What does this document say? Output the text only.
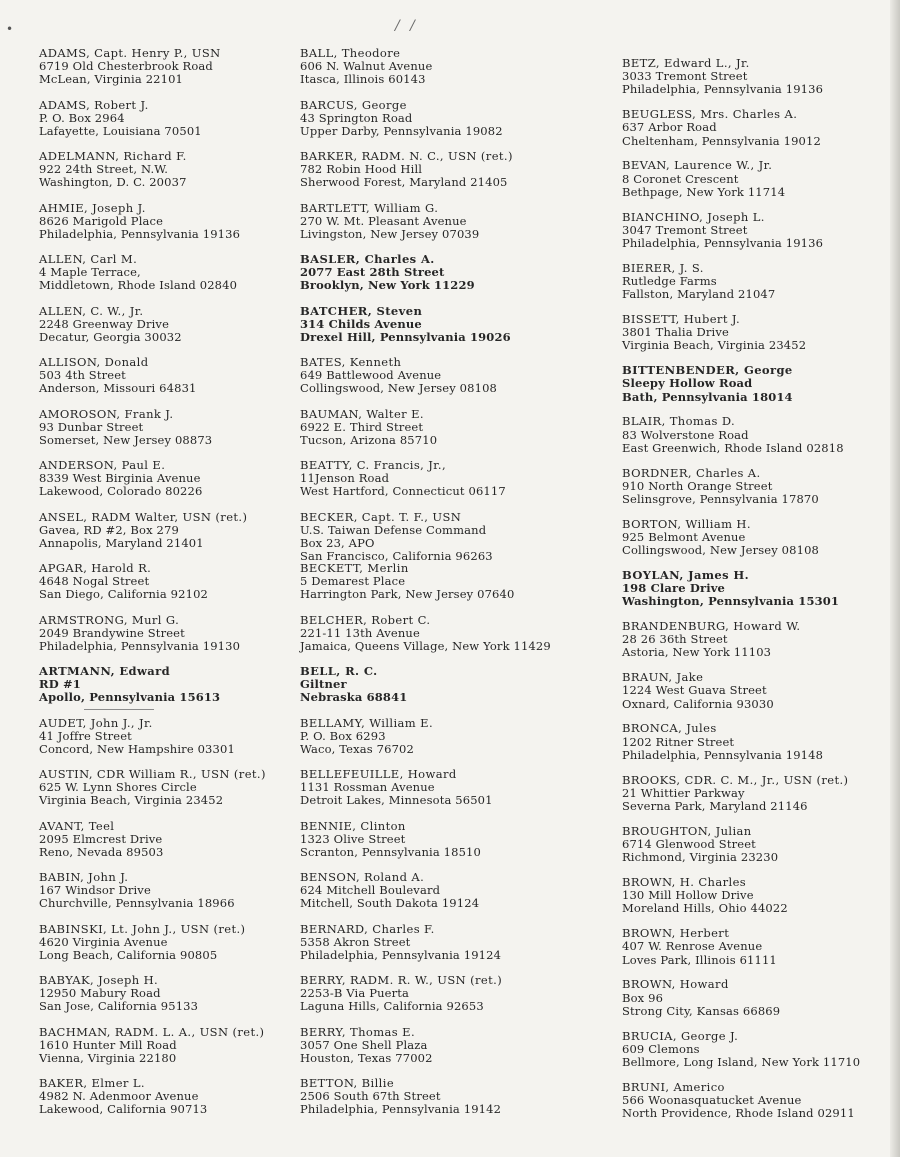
•	/ /
ADAMS, Capt. Henry P., USN
6719 Old Chesterbrook Road
McLean, Virginia 22101
ADAMS, Robert J.
P. O. Box 2964
Lafayette, Louisiana 70501
ADELMANN, Richard F.
922 24th Street, N.W.
Washington, D. C. 20037
AHMIE, Joseph J.
8626 Marigold Place
Philadelphia, Pennsylvania 19136
ALLEN, Carl M.
4 Maple Terrace,
Middletown, Rhode Island 02840
ALLEN, C. W., Jr.
2248 Greenway Drive
Decatur, Georgia 30032
ALLISON, Donald
503 4th Street
Anderson, Missouri 64831
AMOROSON, Frank J.
93 Dunbar Street
Somerset, New Jersey 08873
ANDERSON, Paul E.
8339 West Birginia Avenue
Lakewood, Colorado 80226
ANSEL, RADM Walter, USN (ret.)
Gavea, RD #2, Box 279
Annapolis, Maryland 21401
APGAR, Harold R.
4648 Nogal Street
San Diego, California 92102
ARMSTRONG, Murl G.
2049 Brandywine Street
Philadelphia, Pennsylvania 19130
ARTMANN, Edward
RD #1
Apollo, Pennsylvania 15613
AUDET, John J., Jr.
41 Joffre Street
Concord, New Hampshire 03301
AUSTIN, CDR William R., USN (ret.)
625 W. Lynn Shores Circle
Virginia Beach, Virginia 23452
AVANT, Teel
2095 Elmcrest Drive
Reno, Nevada 89503
BABIN, John J.
167 Windsor Drive
Churchville, Pennsylvania 18966
BABINSKI, Lt. John J., USN (ret.)
4620 Virginia Avenue
Long Beach, California 90805
BABYAK, Joseph H.
12950 Mabury Road
San Jose, California 95133
BACHMAN, RADM. L. A., USN (ret.)
1610 Hunter Mill Road
Vienna, Virginia 22180
BAKER, Elmer L.
4982 N. Adenmoor Avenue
Lakewood, California 90713
BALL, Theodore
606 N. Walnut Avenue
Itasca, Illinois 60143
BARCUS, George
43 Springton Road
Upper Darby, Pennsylvania 19082
BARKER, RADM. N. C., USN (ret.)
782 Robin Hood Hill
Sherwood Forest, Maryland 21405
BARTLETT, William G.
270 W. Mt. Pleasant Avenue
Livingston, New Jersey 07039
BASLER, Charles A.
2077 East 28th Street
Brooklyn, New York 11229
BATCHER, Steven
314 Childs Avenue
Drexel Hill, Pennsylvania 19026
BATES, Kenneth
649 Battlewood Avenue
Collingswood, New Jersey 08108
BAUMAN, Walter E.
6922 E. Third Street
Tucson, Arizona 85710
BEATTY, C. Francis, Jr.,
11Jenson Road
West Hartford, Connecticut 06117
BECKER, Capt. T. F., USN
U.S. Taiwan Defense Command
Box 23, APO
San Francisco, California 96263
BECKETT, Merlin
5 Demarest Place
Harrington Park, New Jersey 07640
BELCHER, Robert C.
221-11 13th Avenue
Jamaica, Queens Village, New York 11429
BELL, R. C.
Giltner
Nebraska 68841
BELLAMY, William E.
P. O. Box 6293
Waco, Texas 76702
BELLEFEUILLE, Howard
1131 Rossman Avenue
Detroit Lakes, Minnesota 56501
BENNIE, Clinton
1323 Olive Street
Scranton, Pennsylvania 18510
BENSON, Roland A.
624 Mitchell Boulevard
Mitchell, South Dakota 19124
BERNARD, Charles F.
5358 Akron Street
Philadelphia, Pennsylvania 19124
BERRY, RADM. R. W., USN (ret.)
2253-B Via Puerta
Laguna Hills, California 92653
BERRY, Thomas E.
3057 One Shell Plaza
Houston, Texas 77002
BETTON, Billie
2506 South 67th Street
Philadelphia, Pennsylvania 19142
BETZ, Edward L., Jr.
3033 Tremont Street
Philadelphia, Pennsylvania 19136
BEUGLESS, Mrs. Charles A.
637 Arbor Road
Cheltenham, Pennsylvania 19012
BEVAN, Laurence W., Jr.
8 Coronet Crescent
Bethpage, New York 11714
BIANCHINO, Joseph L.
3047 Tremont Street
Philadelphia, Pennsylvania 19136
BIERER, J. S.
Rutledge Farms
Fallston, Maryland 21047
BISSETT, Hubert J.
3801 Thalia Drive
Virginia Beach, Virginia 23452
BITTENBENDER, George
Sleepy Hollow Road
Bath, Pennsylvania 18014
BLAIR, Thomas D.
83 Wolverstone Road
East Greenwich, Rhode Island 02818
BORDNER, Charles A.
910 North Orange Street
Selinsgrove, Pennsylvania 17870
BORTON, William H.
925 Belmont Avenue
Collingswood, New Jersey 08108
BOYLAN, James H.
198 Clare Drive
Washington, Pennsylvania 15301
BRANDENBURG, Howard W.
28 26 36th Street
Astoria, New York 11103
BRAUN, Jake
1224 West Guava Street
Oxnard, California 93030
BRONCA, Jules
1202 Ritner Street
Philadelphia, Pennsylvania 19148
BROOKS, CDR. C. M., Jr., USN (ret.)
21 Whittier Parkway
Severna Park, Maryland 21146
BROUGHTON, Julian
6714 Glenwood Street
Richmond, Virginia 23230
BROWN, H. Charles
130 Mill Hollow Drive
Moreland Hills, Ohio 44022
BROWN, Herbert
407 W. Renrose Avenue
Loves Park, Illinois 61111
BROWN, Howard
Box 96
Strong City, Kansas 66869
BRUCIA, George J.
609 Clemons
Bellmore, Long Island, New York 11710
BRUNI, Americo
566 Woonasquatucket Avenue
North Providence, Rhode Island 02911
